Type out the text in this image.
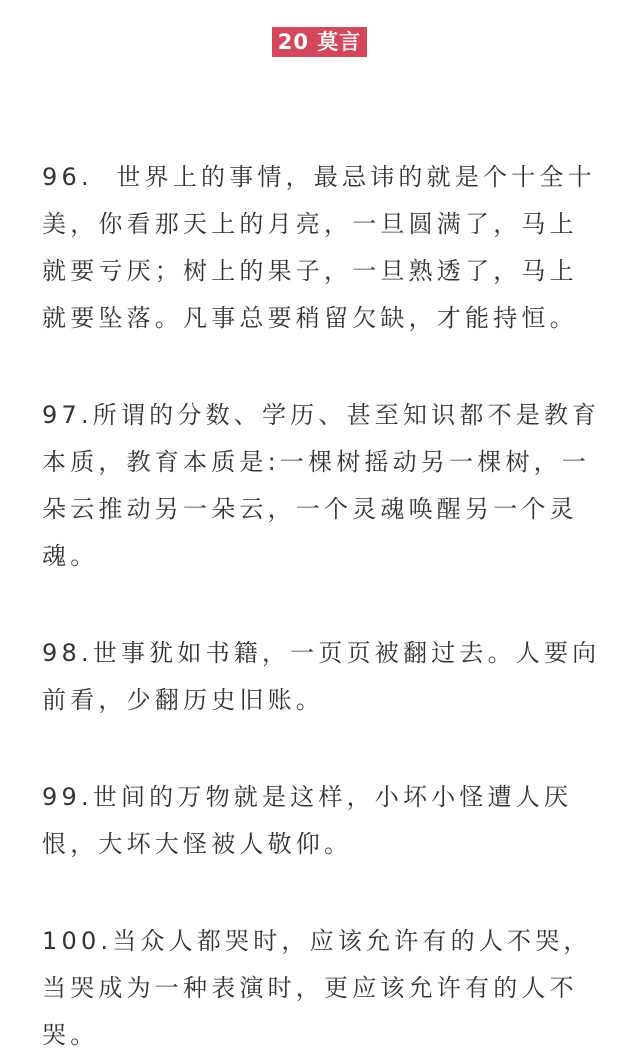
20 莫言

96.  世界上的事情，最忌讳的就是个十全十美，你看那天上的月亮，一旦圆满了，马上就要亏厌；树上的果子，一旦熟透了，马上就要坠落。凡事总要稍留欠缺，才能持恒。

97.所谓的分数、学历、甚至知识都不是教育本质，教育本质是:一棵树摇动另一棵树，一朵云推动另一朵云，一个灵魂唤醒另一个灵魂。

98.世事犹如书籍，一页页被翻过去。人要向前看，少翻历史旧账。

99.世间的万物就是这样，小坏小怪遭人厌恨，大坏大怪被人敬仰。

100.当众人都哭时，应该允许有的人不哭，当哭成为一种表演时，更应该允许有的人不哭。
